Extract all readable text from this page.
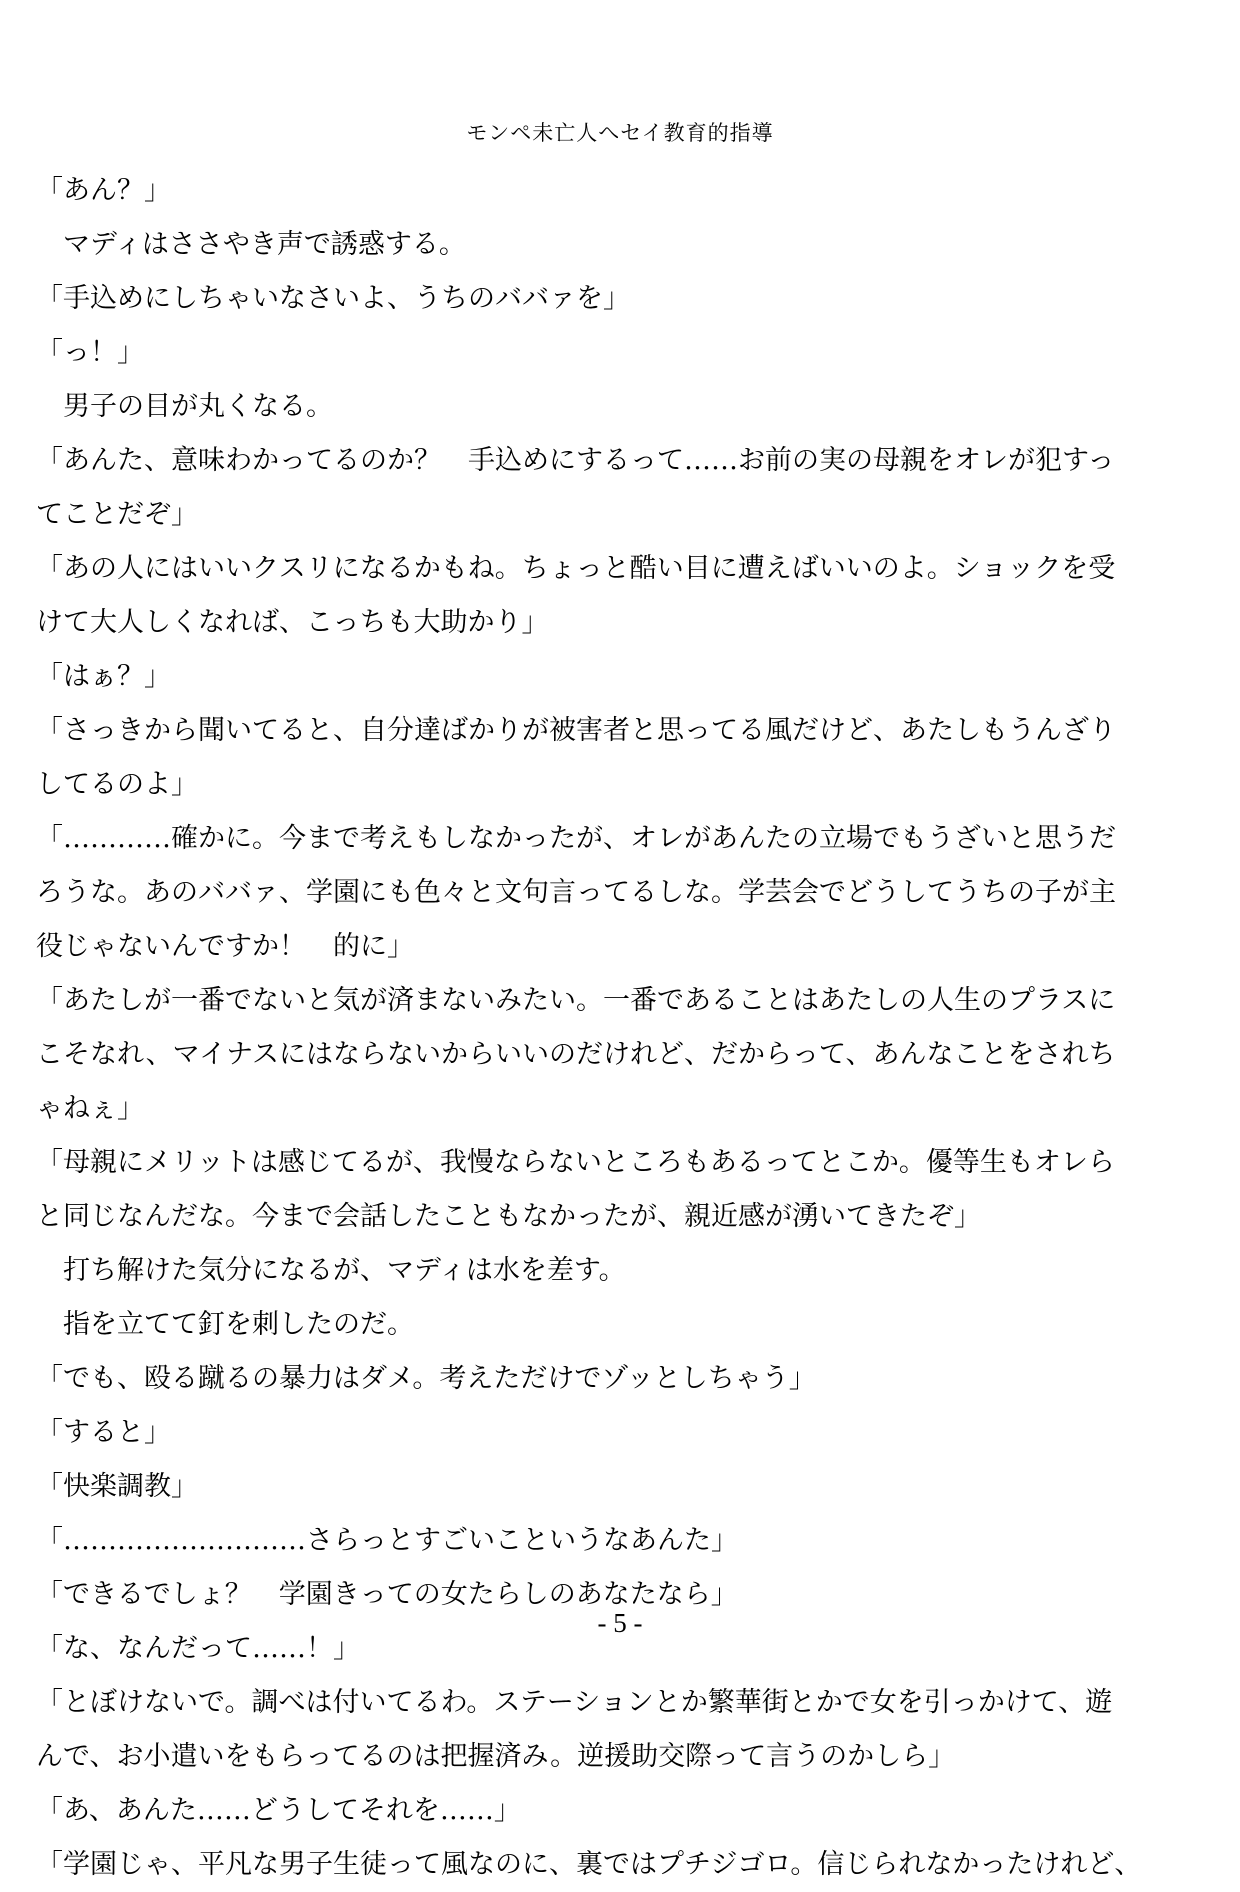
モンペ未亡人へセイ教育的指導
「あん？」
　マディはささやき声で誘惑する。
「手込めにしちゃいなさいよ、うちのババァを」
「っ！」
　男子の目が丸くなる。
「あんた、意味わかってるのか？　手込めにするって……お前の実の母親をオレが犯すっ
てことだぞ」
「あの人にはいいクスリになるかもね。ちょっと酷い目に遭えばいいのよ。ショックを受
けて大人しくなれば、こっちも大助かり」
「はぁ？」
「さっきから聞いてると、自分達ばかりが被害者と思ってる風だけど、あたしもうんざり
してるのよ」
「…………確かに。今まで考えもしなかったが、オレがあんたの立場でもうざいと思うだ
ろうな。あのババァ、学園にも色々と文句言ってるしな。学芸会でどうしてうちの子が主
役じゃないんですか！　的に」
「あたしが一番でないと気が済まないみたい。一番であることはあたしの人生のプラスに
こそなれ、マイナスにはならないからいいのだけれど、だからって、あんなことをされち
ゃねぇ」
「母親にメリットは感じてるが、我慢ならないところもあるってとこか。優等生もオレら
と同じなんだな。今まで会話したこともなかったが、親近感が湧いてきたぞ」
　打ち解けた気分になるが、マディは水を差す。
　指を立てて釘を刺したのだ。
「でも、殴る蹴るの暴力はダメ。考えただけでゾッとしちゃう」
「すると」
「快楽調教」
「………………………さらっとすごいこというなあんた」
「できるでしょ？　学園きっての女たらしのあなたなら」
「な、なんだって……！」
「とぼけないで。調べは付いてるわ。ステーションとか繁華街とかで女を引っかけて、遊
んで、お小遣いをもらってるのは把握済み。逆援助交際って言うのかしら」
「あ、あんた……どうしてそれを……」
「学園じゃ、平凡な男子生徒って風なのに、裏ではプチジゴロ。信じられなかったけれど、
- 5 -
